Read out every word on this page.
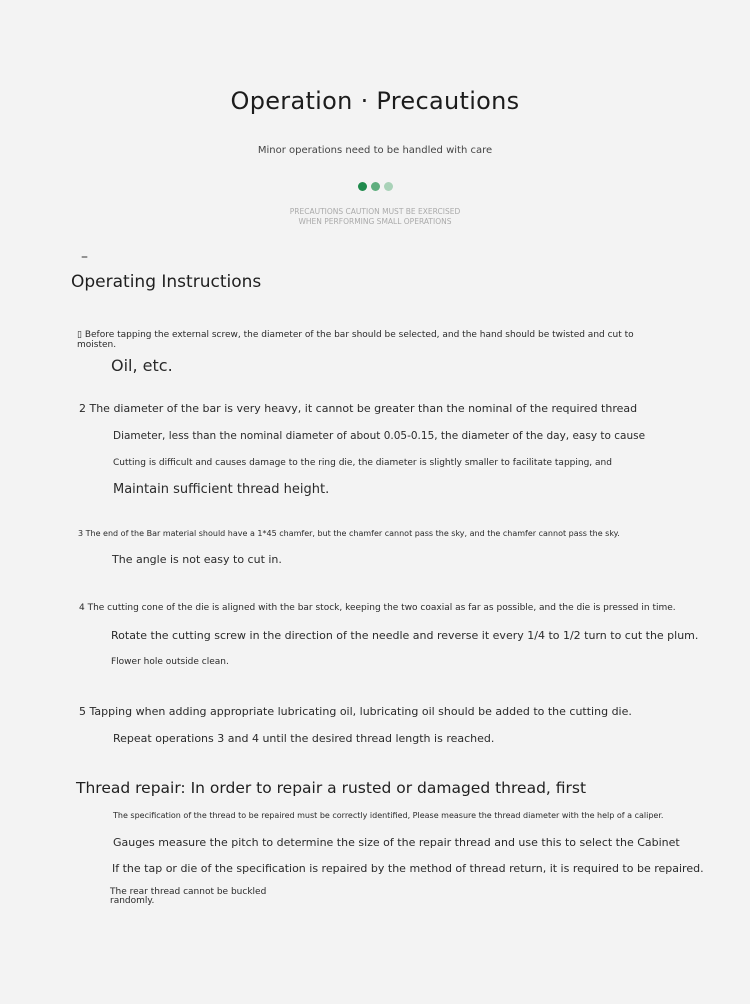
Operation · Precautions
Minor operations need to be handled with care
PRECAUTIONS CAUTION MUST BE EXERCISED
WHEN PERFORMING SMALL OPERATIONS
–
Operating Instructions
▯ Before tapping the external screw, the diameter of the bar should be selected, and the hand should be twisted and cut to
moisten.
Oil, etc.
2 The diameter of the bar is very heavy, it cannot be greater than the nominal of the required thread
Diameter, less than the nominal diameter of about 0.05-0.15, the diameter of the day, easy to cause
Cutting is difficult and causes damage to the ring die, the diameter is slightly smaller to facilitate tapping, and
Maintain sufficient thread height.
3 The end of the Bar material should have a 1*45 chamfer, but the chamfer cannot pass the sky, and the chamfer cannot pass the sky.
The angle is not easy to cut in.
4 The cutting cone of the die is aligned with the bar stock, keeping the two coaxial as far as possible, and the die is pressed in time.
Rotate the cutting screw in the direction of the needle and reverse it every 1/4 to 1/2 turn to cut the plum.
Flower hole outside clean.
5 Tapping when adding appropriate lubricating oil, lubricating oil should be added to the cutting die.
Repeat operations 3 and 4 until the desired thread length is reached.
Thread repair: In order to repair a rusted or damaged thread, first
The specification of the thread to be repaired must be correctly identified, Please measure the thread diameter with the help of a caliper.
Gauges measure the pitch to determine the size of the repair thread and use this to select the Cabinet
If the tap or die of the specification is repaired by the method of thread return, it is required to be repaired.
The rear thread cannot be buckled
randomly.
